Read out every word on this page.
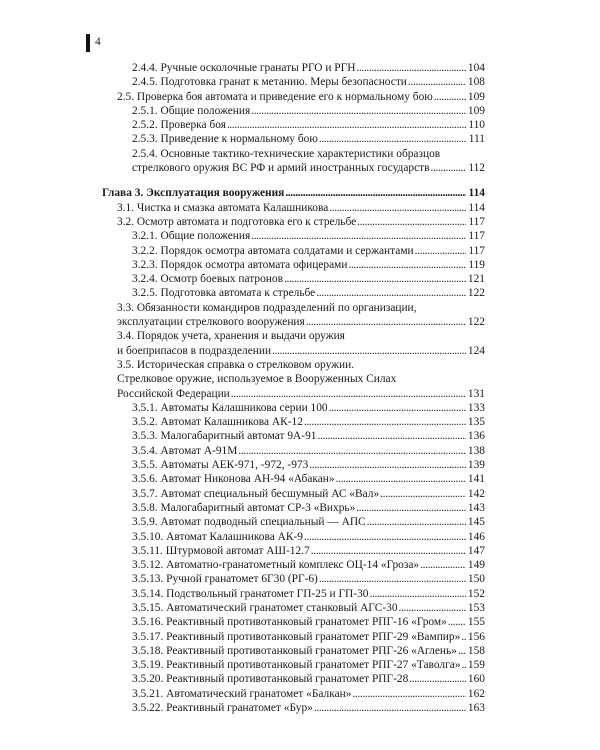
4
2.4.4. Ручные осколочные гранаты РГО и РГН . . .	104
2.4.5. Подготовка гранат к метанию. Меры безопасности . . .	108
2.5. Проверка боя автомата и приведение его к нормальному бою . . .	109
2.5.1. Общие положения . . .	109
2.5.2. Проверка боя . . .	110
2.5.3. Приведение к нормальному бою . . .	111
2.5.4. Основные тактико-технические характеристики образцов
стрелкового оружия ВС РФ и армий иностранных государств . . .	112
Глава 3. Эксплуатация вооружения . . .	114
3.1. Чистка и смазка автомата Калашникова . . .	114
3.2. Осмотр автомата и подготовка его к стрельбе . . .	117
3.2.1. Общие положения . . .	117
3.2.2. Порядок осмотра автомата солдатами и сержантами . . .	117
3.2.3. Порядок осмотра автомата офицерами . . .	119
3.2.4. Осмотр боевых патронов . . .	121
3.2.5. Подготовка автомата к стрельбе . . .	122
3.3. Обязанности командиров подразделений по организации,
эксплуатации стрелкового вооружения . . .	122
3.4. Порядок учета, хранения и выдачи оружия
и боеприпасов в подразделении . . .	124
3.5. Историческая справка о стрелковом оружии.
Стрелковое оружие, используемое в Вооруженных Силах
Российской Федерации . . .	131
3.5.1. Автоматы Калашникова серии 100 . . .	133
3.5.2. Автомат Калашникова АК-12 . . .	135
3.5.3. Малогабаритный автомат 9А-91 . . .	136
3.5.4. Автомат А-91М . . .	138
3.5.5. Автоматы АЕК-971, -972, -973 . . .	139
3.5.6. Автомат Никонова АН-94 «Абакан» . . .	141
3.5.7. Автомат специальный бесшумный АС «Вал» . . .	142
3.5.8. Малогабаритный автомат СР-3 «Вихрь» . . .	143
3.5.9. Автомат подводный специальный — АПС . . .	145
3.5.10. Автомат Калашникова АК-9 . . .	146
3.5.11. Штурмовой автомат АШ-12.7 . . .	147
3.5.12. Автоматно-гранатометный комплекс ОЦ-14 «Гроза» . . .	149
3.5.13. Ручной гранатомет 6Г30 (РГ-6) . . .	150
3.5.14. Подствольный гранатомет ГП-25 и ГП-30 . . .	152
3.5.15. Автоматический гранатомет станковый АГС-30 . . .	153
3.5.16. Реактивный противотанковый гранатомет РПГ-16 «Гром» . . . 155
3.5.17. Реактивный противотанковый гранатомет РПГ-29 «Вампир» . . . 156
3.5.18. Реактивный противотанковый гранатомет РПГ-26 «Аглень» . . . 158
3.5.19. Реактивный противотанковый гранатомет РПГ-27 «Таволга» . . . 159
3.5.20. Реактивный противотанковый гранатомет РПГ-28 . . .	160
3.5.21. Автоматический гранатомет «Балкан» . . .	162
3.5.22. Реактивный гранатомет «Бур» . . .	163
